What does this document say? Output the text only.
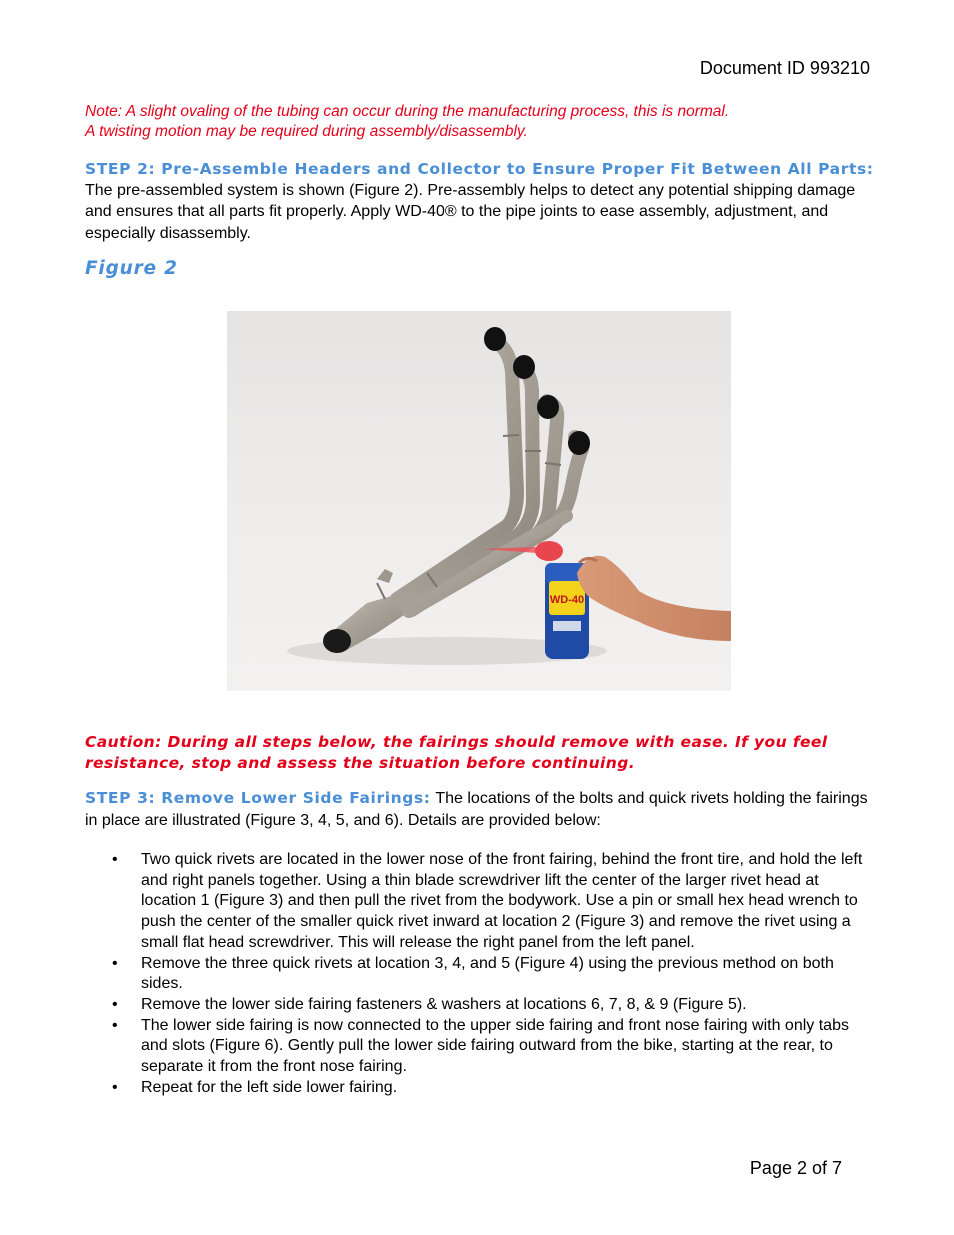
Document ID 993210
Note: A slight ovaling of the tubing can occur during the manufacturing process, this is normal.
A twisting motion may be required during assembly/disassembly.
STEP 2: Pre-Assemble Headers and Collector to Ensure Proper Fit Between All Parts: The pre-assembled system is shown (Figure 2). Pre-assembly helps to detect any potential shipping damage and ensures that all parts fit properly. Apply WD-40® to the pipe joints to ease assembly, adjustment, and especially disassembly.
Figure 2
WD-40
Caution: During all steps below, the fairings should remove with ease. If you feel resistance, stop and assess the situation before continuing.
STEP 3: Remove Lower Side Fairings: The locations of the bolts and quick rivets holding the fairings in place are illustrated (Figure 3, 4, 5, and 6). Details are provided below:
• Two quick rivets are located in the lower nose of the front fairing, behind the front tire, and hold the left and right panels together. Using a thin blade screwdriver lift the center of the larger rivet head at location 1 (Figure 3) and then pull the rivet from the bodywork. Use a pin or small hex head wrench to push the center of the smaller quick rivet inward at location 2 (Figure 3) and remove the rivet using a small flat head screwdriver. This will release the right panel from the left panel.
• Remove the three quick rivets at location 3, 4, and 5 (Figure 4) using the previous method on both sides.
• Remove the lower side fairing fasteners & washers at locations 6, 7, 8, & 9 (Figure 5).
• The lower side fairing is now connected to the upper side fairing and front nose fairing with only tabs and slots (Figure 6). Gently pull the lower side fairing outward from the bike, starting at the rear, to separate it from the front nose fairing.
• Repeat for the left side lower fairing.
Page 2 of 7
